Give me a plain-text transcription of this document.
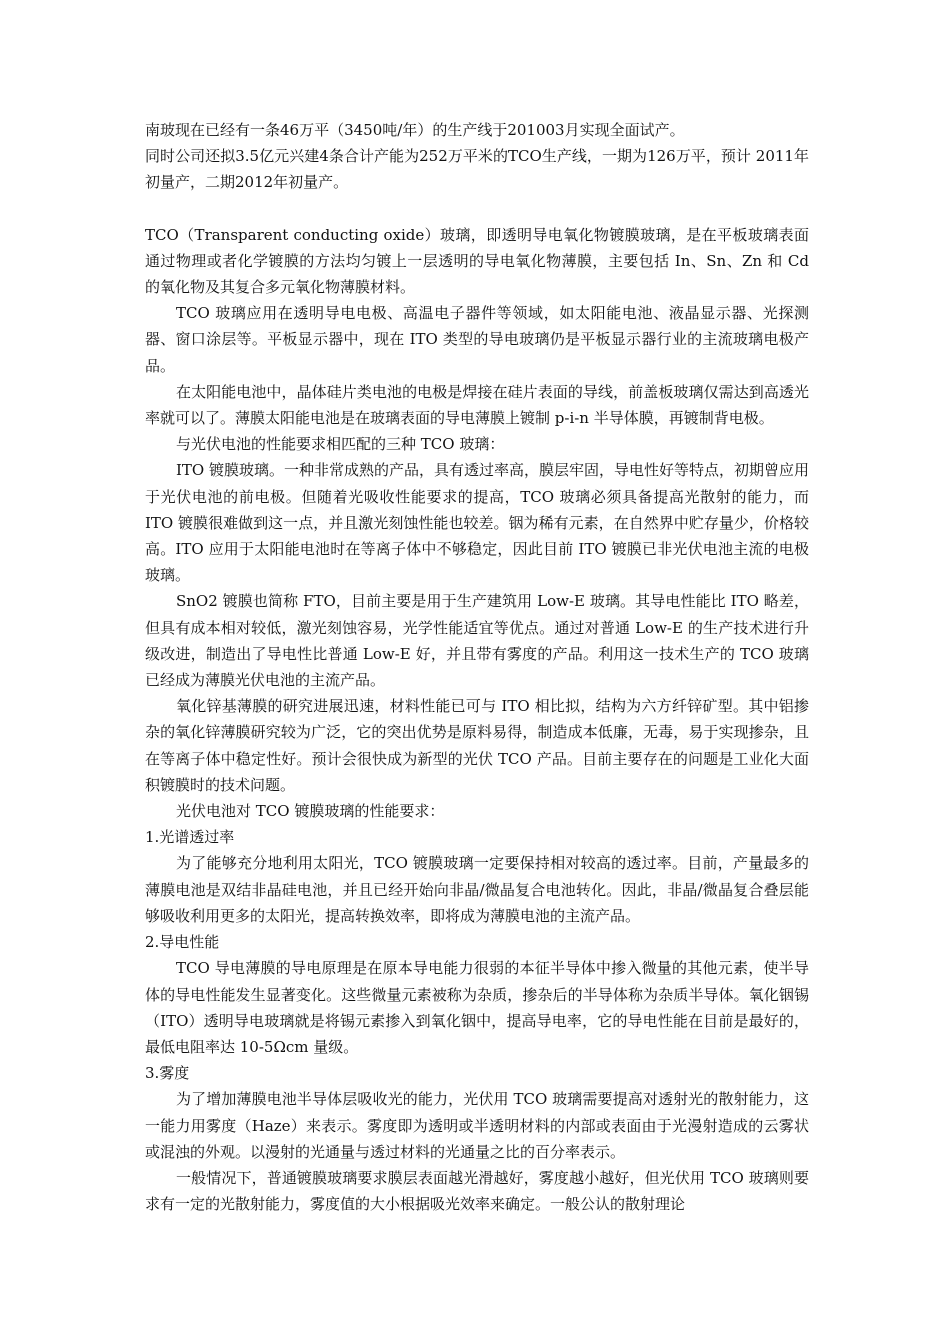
南玻现在已经有一条46万平（3450吨/年）的生产线于201003月实现全面试产。

同时公司还拟3.5亿元兴建4条合计产能为252万平米的TCO生产线，一期为126万平，预计 2011年初量产，二期2012年初量产。

TCO（Transparent conducting oxide）玻璃，即透明导电氧化物镀膜玻璃，是在平板玻璃表面通过物理或者化学镀膜的方法均匀镀上一层透明的导电氧化物薄膜，主要包括 In、Sn、Zn 和 Cd 的氧化物及其复合多元氧化物薄膜材料。

TCO 玻璃应用在透明导电电极、高温电子器件等领域，如太阳能电池、液晶显示器、光探测器、窗口涂层等。平板显示器中，现在 ITO 类型的导电玻璃仍是平板显示器行业的主流玻璃电极产品。

在太阳能电池中，晶体硅片类电池的电极是焊接在硅片表面的导线，前盖板玻璃仅需达到高透光率就可以了。薄膜太阳能电池是在玻璃表面的导电薄膜上镀制 p-i-n 半导体膜，再镀制背电极。

与光伏电池的性能要求相匹配的三种 TCO 玻璃：

ITO 镀膜玻璃。一种非常成熟的产品，具有透过率高，膜层牢固，导电性好等特点，初期曾应用于光伏电池的前电极。但随着光吸收性能要求的提高，TCO 玻璃必须具备提高光散射的能力，而 ITO 镀膜很难做到这一点，并且激光刻蚀性能也较差。铟为稀有元素，在自然界中贮存量少，价格较高。ITO 应用于太阳能电池时在等离子体中不够稳定，因此目前 ITO 镀膜已非光伏电池主流的电极玻璃。

SnO2 镀膜也简称 FTO，目前主要是用于生产建筑用 Low-E 玻璃。其导电性能比 ITO 略差，但具有成本相对较低，激光刻蚀容易，光学性能适宜等优点。通过对普通 Low-E 的生产技术进行升级改进，制造出了导电性比普通 Low-E 好，并且带有雾度的产品。利用这一技术生产的 TCO 玻璃已经成为薄膜光伏电池的主流产品。

氧化锌基薄膜的研究进展迅速，材料性能已可与 ITO 相比拟，结构为六方纤锌矿型。其中铝掺杂的氧化锌薄膜研究较为广泛，它的突出优势是原料易得，制造成本低廉，无毒，易于实现掺杂，且在等离子体中稳定性好。预计会很快成为新型的光伏 TCO 产品。目前主要存在的问题是工业化大面积镀膜时的技术问题。

光伏电池对 TCO 镀膜玻璃的性能要求：

1.光谱透过率

为了能够充分地利用太阳光，TCO 镀膜玻璃一定要保持相对较高的透过率。目前，产量最多的薄膜电池是双结非晶硅电池，并且已经开始向非晶/微晶复合电池转化。因此，非晶/微晶复合叠层能够吸收利用更多的太阳光，提高转换效率，即将成为薄膜电池的主流产品。

2.导电性能

TCO 导电薄膜的导电原理是在原本导电能力很弱的本征半导体中掺入微量的其他元素，使半导体的导电性能发生显著变化。这些微量元素被称为杂质，掺杂后的半导体称为杂质半导体。氧化铟锡（ITO）透明导电玻璃就是将锡元素掺入到氧化铟中，提高导电率，它的导电性能在目前是最好的，最低电阻率达 10-5Ωcm 量级。

3.雾度

为了增加薄膜电池半导体层吸收光的能力，光伏用 TCO 玻璃需要提高对透射光的散射能力，这一能力用雾度（Haze）来表示。雾度即为透明或半透明材料的内部或表面由于光漫射造成的云雾状或混浊的外观。以漫射的光通量与透过材料的光通量之比的百分率表示。

一般情况下，普通镀膜玻璃要求膜层表面越光滑越好，雾度越小越好，但光伏用 TCO 玻璃则要求有一定的光散射能力，雾度值的大小根据吸光效率来确定。一般公认的散射理论
